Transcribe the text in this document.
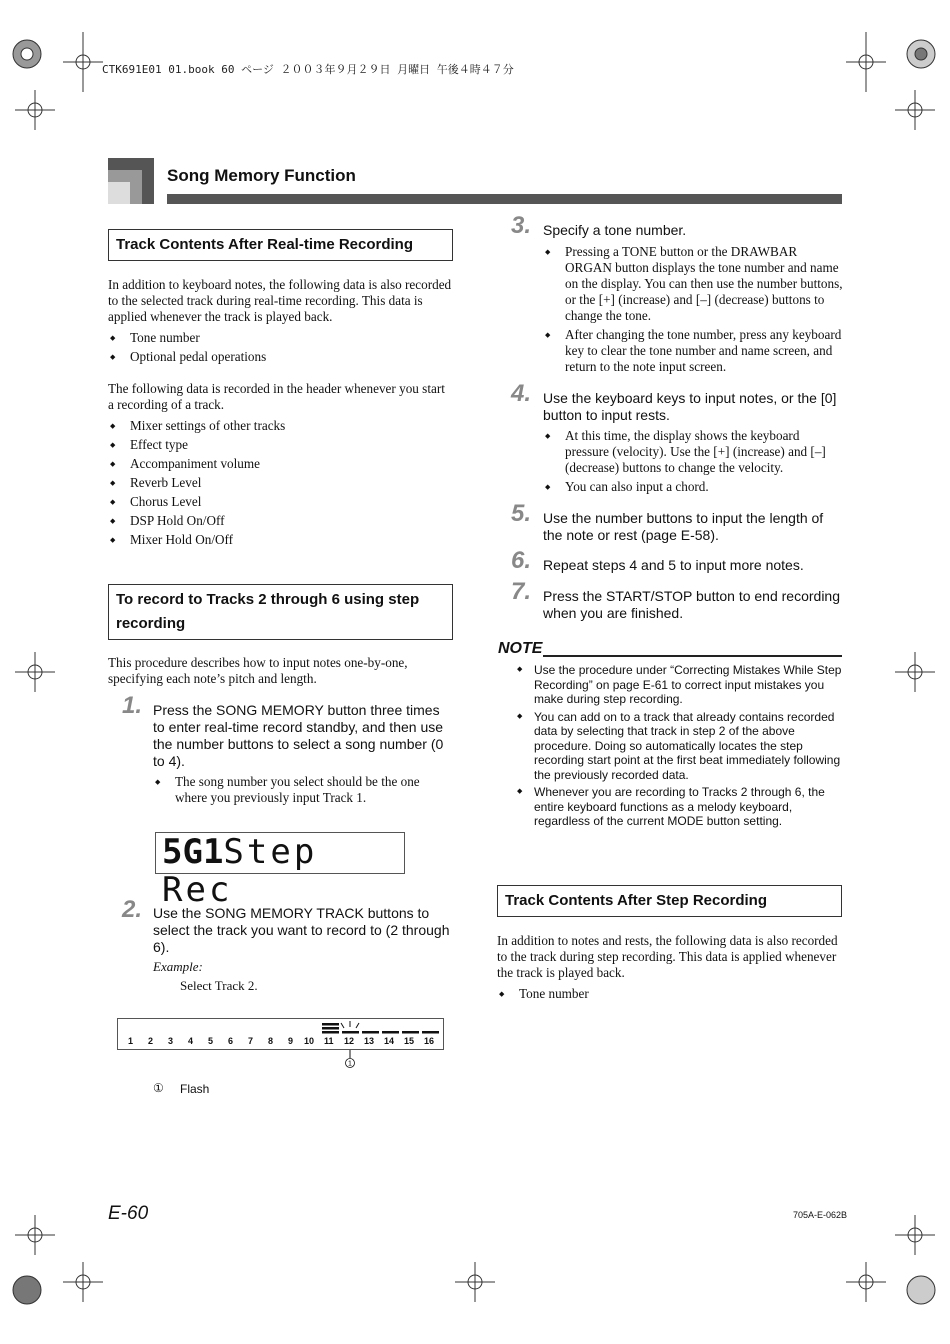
CTK691E01 01.book 60 ページ ２００３年９月２９日 月曜日 午後４時４７分
Song Memory Function
Track Contents After Real-time Recording
In addition to keyboard notes, the following data is also recorded to the selected track during real-time recording. This data is applied whenever the track is played back.
◆ Tone number
◆ Optional pedal operations
The following data is recorded in the header whenever you start a recording of a track.
◆ Mixer settings of other tracks
◆ Effect type
◆ Accompaniment volume
◆ Reverb Level
◆ Chorus Level
◆ DSP Hold On/Off
◆ Mixer Hold On/Off
To record to Tracks 2 through 6 using step recording
This procedure describes how to input notes one-by-one, specifying each note’s pitch and length.
1. Press the SONG MEMORY button three times to enter real-time record standby, and then use the number buttons to select a song number (0 to 4).
◆ The song number you select should be the one where you previously input Track 1.
5G1Step Rec
2. Use the SONG MEMORY TRACK buttons to select the track you want to record to (2 through 6).
Example:
Select Track 2.
1 2 3 4 5 6 7 8 9 10 11 12 13 14 15 16
1
① Flash
3. Specify a tone number.
◆ Pressing a TONE button or the DRAWBAR ORGAN button displays the tone number and name on the display. You can then use the number buttons, or the [+] (increase) and [–] (decrease) buttons to change the tone.
◆ After changing the tone number, press any keyboard key to clear the tone number and name screen, and return to the note input screen.
4. Use the keyboard keys to input notes, or the [0] button to input rests.
◆ At this time, the display shows the keyboard pressure (velocity). Use the [+] (increase) and [–] (decrease) buttons to change the velocity.
◆ You can also input a chord.
5. Use the number buttons to input the length of the note or rest (page E-58).
6. Repeat steps 4 and 5 to input more notes.
7. Press the START/STOP button to end recording when you are finished.
NOTE
◆ Use the procedure under “Correcting Mistakes While Step Recording” on page E-61 to correct input mistakes you make during step recording.
◆ You can add on to a track that already contains recorded data by selecting that track in step 2 of the above procedure. Doing so automatically locates the step recording start point at the first beat immediately following the previously recorded data.
◆ Whenever you are recording to Tracks 2 through 6, the entire keyboard functions as a melody keyboard, regardless of the current MODE button setting.
Track Contents After Step Recording
In addition to notes and rests, the following data is also recorded to the track during step recording. This data is applied whenever the track is played back.
◆ Tone number
E-60	705A-E-062B
